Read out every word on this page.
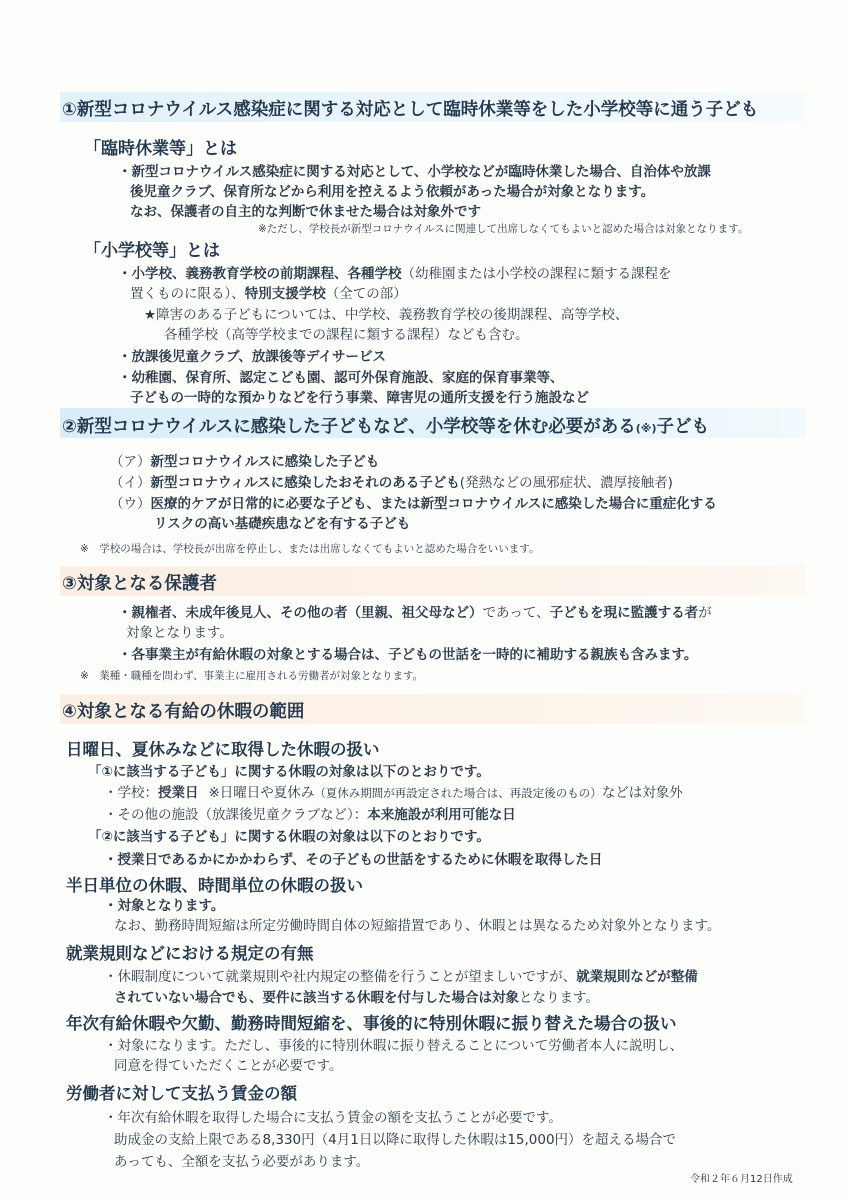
①新型コロナウイルス感染症に関する対応として臨時休業等をした小学校等に通う子ども
「臨時休業等」とは
・新型コロナウイルス感染症に関する対応として、小学校などが臨時休業した場合、自治体や放課
後児童クラブ、保育所などから利用を控えるよう依頼があった場合が対象となります。
なお、保護者の自主的な判断で休ませた場合は対象外です
※ただし、学校長が新型コロナウイルスに関連して出席しなくてもよいと認めた場合は対象となります。
「小学校等」とは
・小学校、義務教育学校の前期課程、各種学校（幼稚園または小学校の課程に類する課程を
置くものに限る）、特別支援学校（全ての部）
★障害のある子どもについては、中学校、義務教育学校の後期課程、高等学校、
各種学校（高等学校までの課程に類する課程）なども含む。
・放課後児童クラブ、放課後等デイサービス
・幼稚園、保育所、認定こども園、認可外保育施設、家庭的保育事業等、
子どもの一時的な預かりなどを行う事業、障害児の通所支援を行う施設など
②新型コロナウイルスに感染した子どもなど、小学校等を休む必要がある(※)子ども
（ア）新型コロナウイルスに感染した子ども
（イ）新型コロナウィルスに感染したおそれのある子ども(発熱などの風邪症状、濃厚接触者)
（ウ）医療的ケアが日常的に必要な子ども、または新型コロナウイルスに感染した場合に重症化する
リスクの高い基礎疾患などを有する子ども
※　学校の場合は、学校長が出席を停止し、または出席しなくてもよいと認めた場合をいいます。
③対象となる保護者
・親権者、未成年後見人、その他の者（里親、祖父母など）であって、子どもを現に監護する者が
対象となります。
・各事業主が有給休暇の対象とする場合は、子どもの世話を一時的に補助する親族も含みます。
※　業種・職種を問わず、事業主に雇用される労働者が対象となります。
④対象となる有給の休暇の範囲
日曜日、夏休みなどに取得した休暇の扱い
「①に該当する子ども」に関する休暇の対象は以下のとおりです。
・学校：授業日 ※日曜日や夏休み（夏休み期間が再設定された場合は、再設定後のもの）などは対象外
・その他の施設（放課後児童クラブなど）：本来施設が利用可能な日
「②に該当する子ども」に関する休暇の対象は以下のとおりです。
・授業日であるかにかかわらず、その子どもの世話をするために休暇を取得した日
半日単位の休暇、時間単位の休暇の扱い
・対象となります。
なお、勤務時間短縮は所定労働時間自体の短縮措置であり、休暇とは異なるため対象外となります。
就業規則などにおける規定の有無
・休暇制度について就業規則や社内規定の整備を行うことが望ましいですが、就業規則などが整備
されていない場合でも、要件に該当する休暇を付与した場合は対象となります。
年次有給休暇や欠勤、勤務時間短縮を、事後的に特別休暇に振り替えた場合の扱い
・対象になります。ただし、事後的に特別休暇に振り替えることについて労働者本人に説明し、
同意を得ていただくことが必要です。
労働者に対して支払う賃金の額
・年次有給休暇を取得した場合に支払う賃金の額を支払うことが必要です。
助成金の支給上限である8,330円（4月1日以降に取得した休暇は15,000円）を超える場合で
あっても、全額を支払う必要があります。
令和２年６月12日作成
